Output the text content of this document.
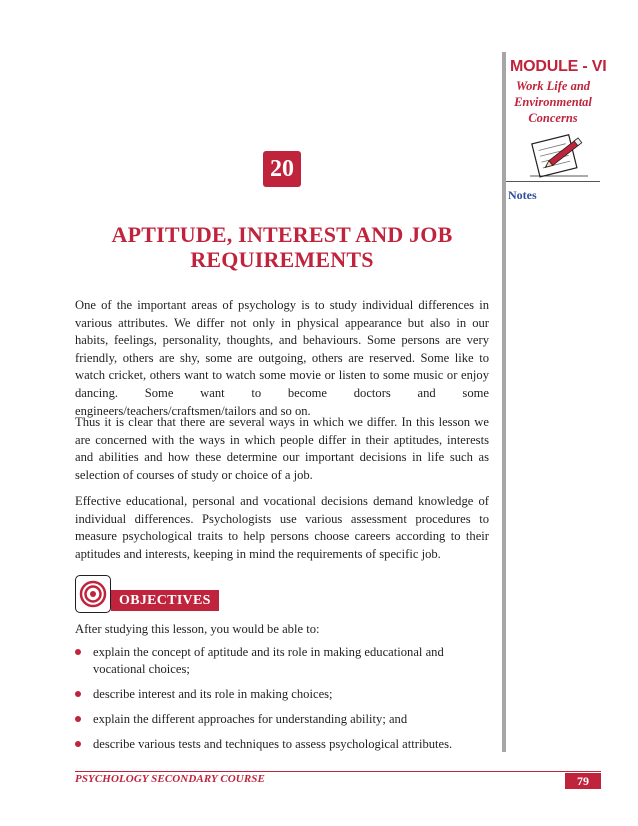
MODULE - VI
Work Life and
Environmental
Concerns
Notes
20
APTITUDE, INTEREST AND JOB
REQUIREMENTS
One of the important areas of psychology is to study individual differences in various attributes. We differ not only in physical appearance but also in our habits, feelings, personality, thoughts, and behaviours. Some persons are very friendly, others are shy, some are outgoing, others are reserved. Some like to watch cricket, others want to watch some movie or listen to some music or enjoy dancing. Some want to become doctors and some engineers/teachers/craftsmen/tailors and so on.
Thus it is clear that there are several ways in which we differ. In this lesson we are concerned with the ways in which people differ in their aptitudes, interests and abilities and how these determine our important decisions in life such as selection of courses of study or choice of a job.
Effective educational, personal and vocational decisions demand knowledge of individual differences. Psychologists use various assessment procedures to measure psychological traits to help persons choose careers according to their aptitudes and interests, keeping in mind the requirements of specific job.
OBJECTIVES
After studying this lesson, you would be able to:
explain the concept of aptitude and its role in making educational and vocational choices;
describe interest and its role in making choices;
explain the different approaches for understanding ability; and
describe various tests and techniques to assess psychological attributes.
PSYCHOLOGY SECONDARY COURSE	79
